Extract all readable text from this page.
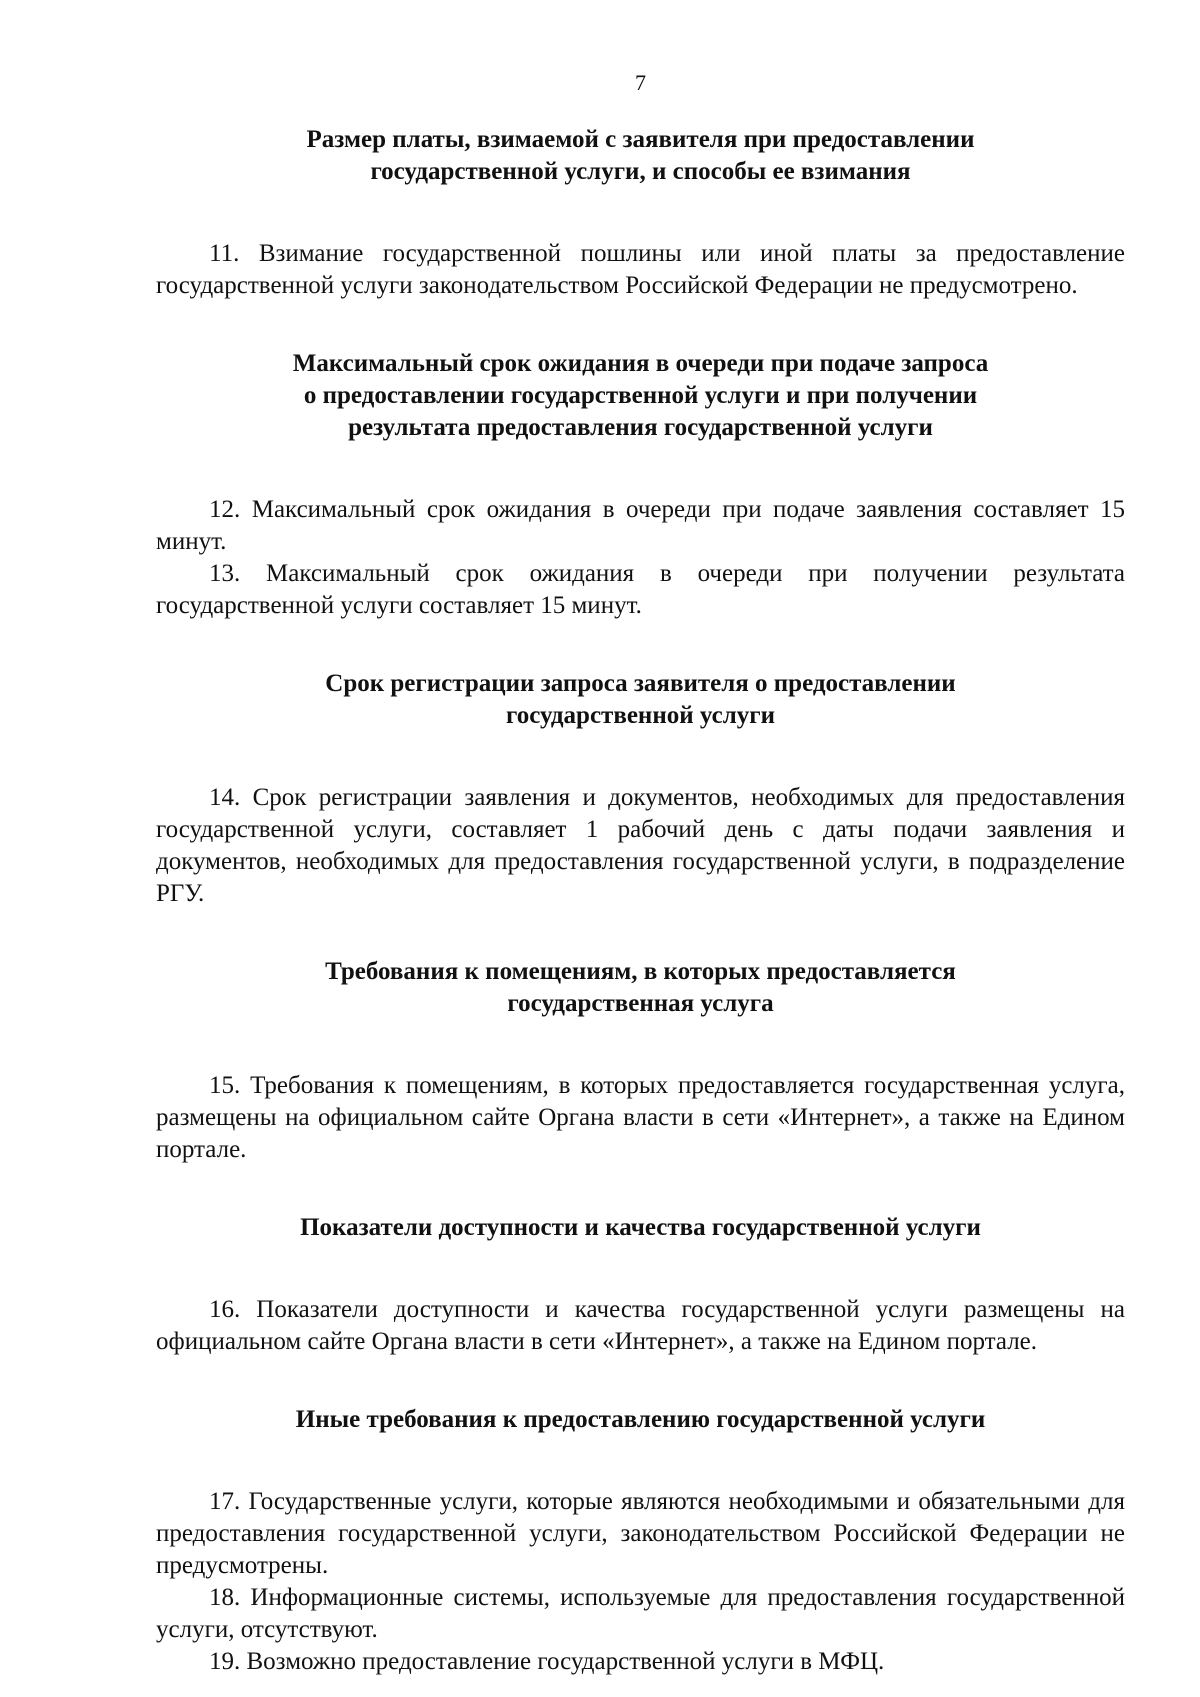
7
Размер платы, взимаемой с заявителя при предоставлении
государственной услуги, и способы ее взимания

11. Взимание государственной пошлины или иной платы за предоставление государственной услуги законодательством Российской Федерации не предусмотрено.

Максимальный срок ожидания в очереди при подаче запроса
о предоставлении государственной услуги и при получении
результата предоставления государственной услуги

12. Максимальный срок ожидания в очереди при подаче заявления составляет 15 минут.

13. Максимальный срок ожидания в очереди при получении результата государственной услуги составляет 15 минут.

Срок регистрации запроса заявителя о предоставлении
государственной услуги

14. Срок регистрации заявления и документов, необходимых для предоставления государственной услуги, составляет 1 рабочий день с даты подачи заявления и документов, необходимых для предоставления государственной услуги, в подразделение РГУ.

Требования к помещениям, в которых предоставляется
государственная услуга

15. Требования к помещениям, в которых предоставляется государственная услуга, размещены на официальном сайте Органа власти в сети «Интернет», а также на Едином портале.

Показатели доступности и качества государственной услуги

16. Показатели доступности и качества государственной услуги размещены на официальном сайте Органа власти в сети «Интернет», а также на Едином портале.

Иные требования к предоставлению государственной услуги

17. Государственные услуги, которые являются необходимыми и обязательными для предоставления государственной услуги, законодательством Российской Федерации не предусмотрены.

18. Информационные системы, используемые для предоставления государственной услуги, отсутствуют.

19. Возможно предоставление государственной услуги в МФЦ.
